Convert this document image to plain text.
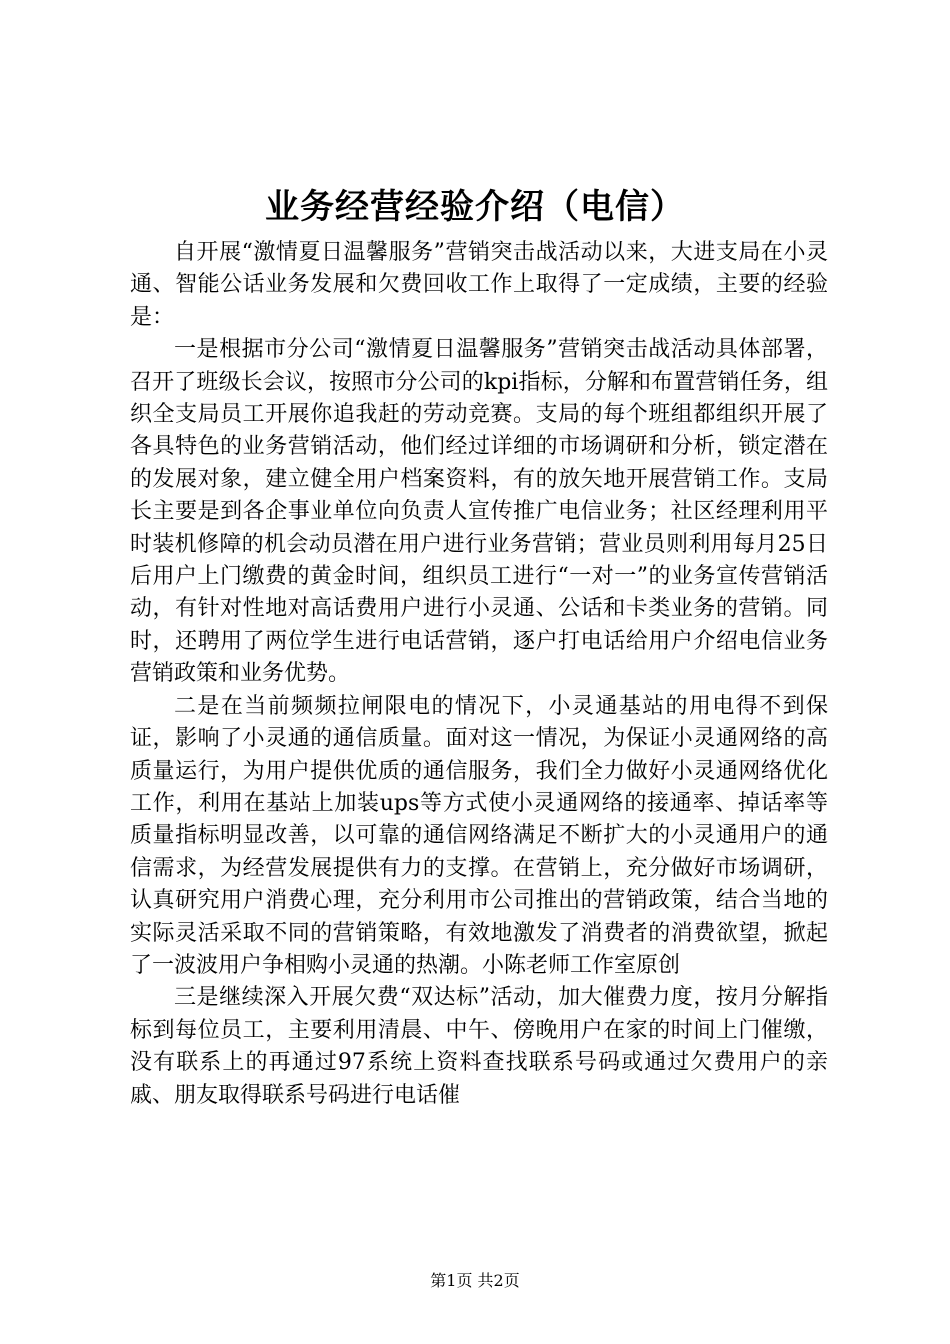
业务经营经验介绍（电信）

自开展“激情夏日温馨服务”营销突击战活动以来，大进支局在小灵通、智能公话业务发展和欠费回收工作上取得了一定成绩，主要的经验是：

一是根据市分公司“激情夏日温馨服务”营销突击战活动具体部署，召开了班级长会议，按照市分公司的kpi指标，分解和布置营销任务，组织全支局员工开展你追我赶的劳动竞赛。支局的每个班组都组织开展了各具特色的业务营销活动，他们经过详细的市场调研和分析，锁定潜在的发展对象，建立健全用户档案资料，有的放矢地开展营销工作。支局长主要是到各企事业单位向负责人宣传推广电信业务；社区经理利用平时装机修障的机会动员潜在用户进行业务营销；营业员则利用每月25日后用户上门缴费的黄金时间，组织员工进行“一对一”的业务宣传营销活动，有针对性地对高话费用户进行小灵通、公话和卡类业务的营销。同时，还聘用了两位学生进行电话营销，逐户打电话给用户介绍电信业务营销政策和业务优势。

二是在当前频频拉闸限电的情况下，小灵通基站的用电得不到保证，影响了小灵通的通信质量。面对这一情况，为保证小灵通网络的高质量运行，为用户提供优质的通信服务，我们全力做好小灵通网络优化工作，利用在基站上加装ups等方式使小灵通网络的接通率、掉话率等质量指标明显改善，以可靠的通信网络满足不断扩大的小灵通用户的通信需求，为经营发展提供有力的支撑。在营销上，充分做好市场调研，认真研究用户消费心理，充分利用市公司推出的营销政策，结合当地的实际灵活采取不同的营销策略，有效地激发了消费者的消费欲望，掀起了一波波用户争相购小灵通的热潮。小陈老师工作室原创

三是继续深入开展欠费“双达标”活动，加大催费力度，按月分解指标到每位员工，主要利用清晨、中午、傍晚用户在家的时间上门催缴，没有联系上的再通过97系统上资料查找联系号码或通过欠费用户的亲戚、朋友取得联系号码进行电话催

第1页 共2页
